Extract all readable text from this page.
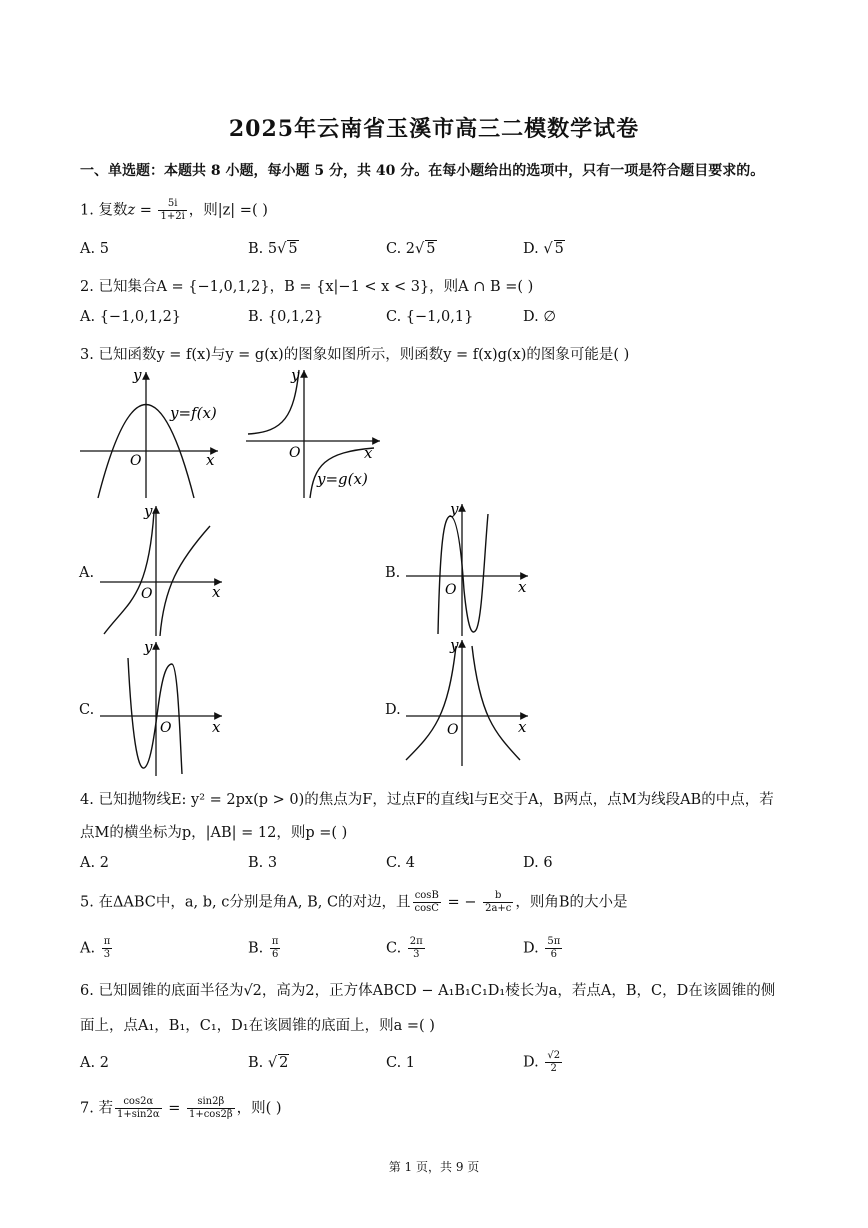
2025年云南省玉溪市高三二模数学试卷
一、单选题：本题共 8 小题，每小题 5 分，共 40 分。在每小题给出的选项中，只有一项是符合题目要求的。
1. 复数$z = \frac{5i}{1+2i}$ ，则|z| =( )
A. 5	B. 5√ 5	C. 2√ 5	D. √ 5
2. 已知集合A = {−1,0,1,2}，B = {x|−1 < x < 3}，则A ∩ B =( )
A. {−1,0,1,2}	B. {0,1,2}	C. {−1,0,1}	D. ∅
3. 已知函数y = f(x)与y = g(x)的图象如图所示，则函数y = f(x)g(x)的图象可能是( )
y
x
O
y=f(x)
y
x
O
y=g(x)
A.
y
x
O
B.
y
x
O
C.
y
x
O
D.
y
x
O
4. 已知抛物线E: y² = 2px(p > 0)的焦点为F，过点F的直线l与E交于A，B两点，点M为线段AB的中点，若
点M的横坐标为p，|AB| = 12，则p =( )
A. 2	B. 3	C. 4	D. 6
5. 在ΔABC中，a, b, c分别是角A, B, C的对边，且 $\frac{\cos B}{\cos C}$ = − $\frac{b}{2a+c}$ ，则角B的大小是
A. $\frac{\pi}{3}$	B. $\frac{\pi}{6}$	C. $\frac{2\pi}{3}$	D. $\frac{5\pi}{6}$
6. 已知圆锥的底面半径为√2，高为2，正方体ABCD − A₁B₁C₁D₁棱长为a，若点A，B，C，D在该圆锥的侧
面上，点A₁，B₁，C₁，D₁在该圆锥的底面上，则a =( )
A. 2	B. √ 2	C. 1	D. $\frac{√2}{2}$
7. 若 $\frac{\cos 2\alpha}{1+\sin 2\alpha} = \frac{\sin 2\beta}{1+\cos 2\beta}$ ，则( )
第 1 页，共 9 页
